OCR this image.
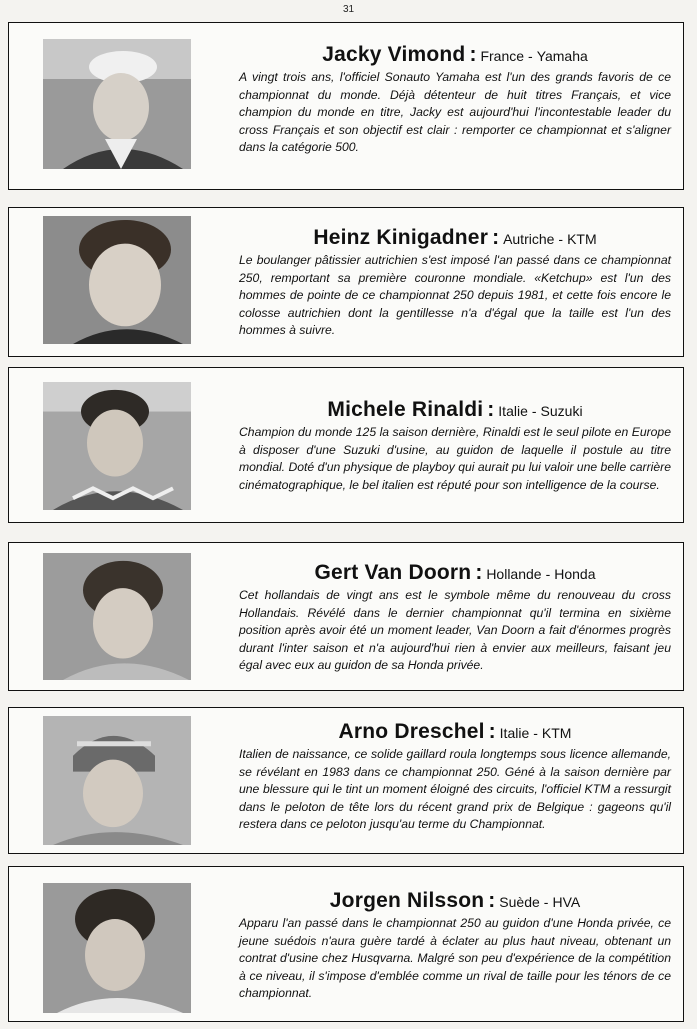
31

Jacky Vimond : France - Yamaha

A vingt trois ans, l'officiel Sonauto Yamaha est l'un des grands favoris de ce championnat du monde. Déjà détenteur de huit titres Français, et vice champion du monde en titre, Jacky est aujourd'hui l'incontestable leader du cross Français et son objectif est clair : remporter ce championnat et s'aligner dans la catégorie 500.

Heinz Kinigadner : Autriche - KTM

Le boulanger pâtissier autrichien s'est imposé l'an passé dans ce championnat 250, remportant sa première couronne mondiale. «Ketchup» est l'un des hommes de pointe de ce championnat 250 depuis 1981, et cette fois encore le colosse autrichien dont la gentillesse n'a d'égal que la taille est l'un des hommes à suivre.

Michele Rinaldi : Italie - Suzuki

Champion du monde 125 la saison dernière, Rinaldi est le seul pilote en Europe à disposer d'une Suzuki d'usine, au guidon de laquelle il postule au titre mondial. Doté d'un physique de playboy qui aurait pu lui valoir une belle carrière cinématographique, le bel italien est réputé pour son intelligence de la course.

Gert Van Doorn : Hollande - Honda

Cet hollandais de vingt ans est le symbole même du renouveau du cross Hollandais. Révélé dans le dernier championnat qu'il termina en sixième position après avoir été un moment leader, Van Doorn a fait d'énormes progrès durant l'inter saison et n'a aujourd'hui rien à envier aux meilleurs, faisant jeu égal avec eux au guidon de sa Honda privée.

Arno Dreschel : Italie - KTM

Italien de naissance, ce solide gaillard roula longtemps sous licence allemande, se révélant en 1983 dans ce championnat 250. Géné à la saison dernière par une blessure qui le tint un moment éloigné des circuits, l'officiel KTM a ressurgit dans le peloton de tête lors du récent grand prix de Belgique : gageons qu'il restera dans ce peloton jusqu'au terme du Championnat.

Jorgen Nilsson : Suède - HVA

Apparu l'an passé dans le championnat 250 au guidon d'une Honda privée, ce jeune suédois n'aura guère tardé à éclater au plus haut niveau, obtenant un contrat d'usine chez Husqvarna. Malgré son peu d'expérience de la compétition à ce niveau, il s'impose d'emblée comme un rival de taille pour les ténors de ce championnat.
